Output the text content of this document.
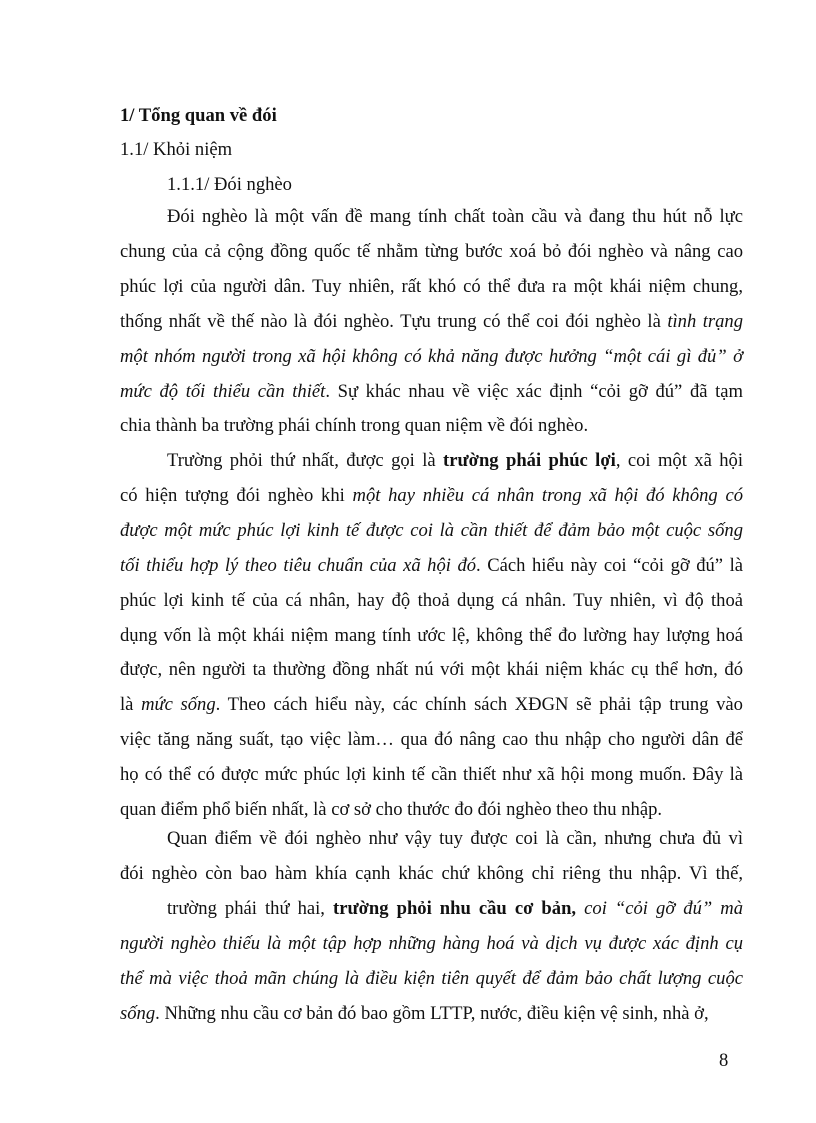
1/ Tổng quan về đói
1.1/ Khỏi niệm
1.1.1/ Đói nghèo
Đói nghèo là một vấn đề mang tính chất toàn cầu và đang thu hút nỗ lực
chung của cả cộng đồng quốc tế nhằm từng bước xoá bỏ đói nghèo và nâng cao
phúc lợi của người dân. Tuy nhiên, rất khó có thể đưa ra một khái niệm chung,
thống nhất về thế nào là đói nghèo. Tựu trung có thể coi đói nghèo là tình trạng
một nhóm người trong xã hội không có khả năng được hưởng “một cái gì đủ” ở
mức độ tối thiểu cần thiết. Sự khác nhau về việc xác định “cỏi gỡ đú” đã tạm
chia thành ba trường phái chính trong quan niệm về đói nghèo.
Trường phỏi thứ nhất, được gọi là trường phái phúc lợi, coi một xã hội
có hiện tượng đói nghèo khi một hay nhiều cá nhân trong xã hội đó không có
được một mức phúc lợi kinh tế được coi là cần thiết để đảm bảo một cuộc sống
tối thiểu hợp lý theo tiêu chuẩn của xã hội đó. Cách hiểu này coi “cỏi gỡ đú” là
phúc lợi kinh tế của cá nhân, hay độ thoả dụng cá nhân. Tuy nhiên, vì độ thoả
dụng vốn là một khái niệm mang tính ước lệ, không thể đo lường hay lượng hoá
được, nên người ta thường đồng nhất nú với một khái niệm khác cụ thể hơn, đó
là mức sống. Theo cách hiểu này, các chính sách XĐGN sẽ phải tập trung vào
việc tăng năng suất, tạo việc làm… qua đó nâng cao thu nhập cho người dân để
họ có thể có được mức phúc lợi kinh tế cần thiết như xã hội mong muốn. Đây là
quan điểm phổ biến nhất, là cơ sở cho thước đo đói nghèo theo thu nhập.
Quan điểm về đói nghèo như vậy tuy được coi là cần, nhưng chưa đủ vì
đói nghèo còn bao hàm khía cạnh khác chứ không chỉ riêng thu nhập. Vì thế,
trường phái thứ hai, trường phỏi nhu cầu cơ bản, coi “cỏi gỡ đú” mà
người nghèo thiếu là một tập hợp những hàng hoá và dịch vụ được xác định cụ
thể mà việc thoả mãn chúng là điều kiện tiên quyết để đảm bảo chất lượng cuộc
sống. Những nhu cầu cơ bản đó bao gồm LTTP, nước, điều kiện vệ sinh, nhà ở,
8
